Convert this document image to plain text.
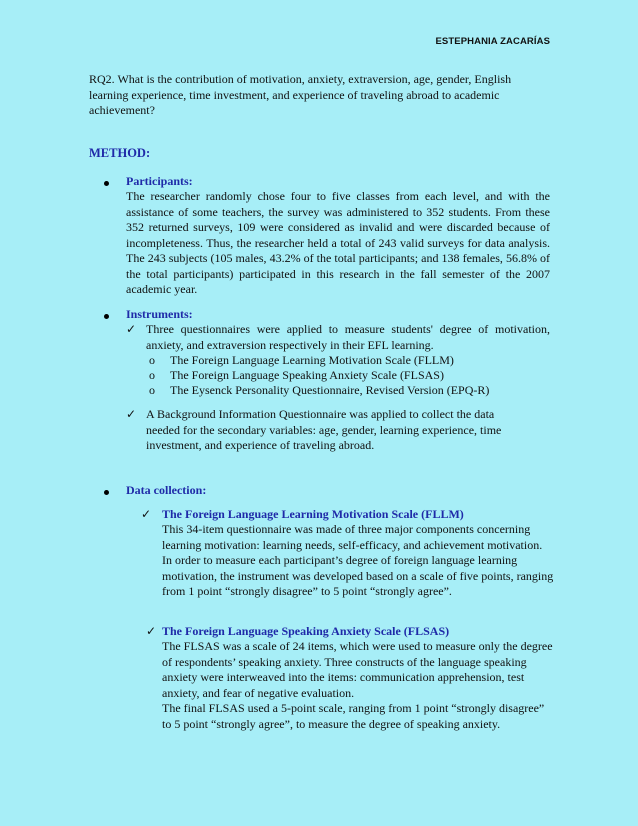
ESTEPHANIA ZACARÍAS
RQ2. What is the contribution of motivation, anxiety, extraversion, age, gender, English learning experience, time investment, and experience of traveling abroad to academic achievement?
METHOD:
Participants:
The researcher randomly chose four to five classes from each level, and with the assistance of some teachers, the survey was administered to 352 students. From these 352 returned surveys, 109 were considered as invalid and were discarded because of incompleteness. Thus, the researcher held a total of 243 valid surveys for data analysis. The 243 subjects (105 males, 43.2% of the total participants; and 138 females, 56.8% of the total participants) participated in this research in the fall semester of the 2007 academic year.
Instruments:
✓ Three questionnaires were applied to measure students' degree of motivation, anxiety, and extraversion respectively in their EFL learning.
o The Foreign Language Learning Motivation Scale (FLLM)
o The Foreign Language Speaking Anxiety Scale (FLSAS)
o The Eysenck Personality Questionnaire, Revised Version (EPQ-R)
✓ A Background Information Questionnaire was applied to collect the data needed for the secondary variables: age, gender, learning experience, time investment, and experience of traveling abroad.
Data collection:
✓ The Foreign Language Learning Motivation Scale (FLLM)
This 34-item questionnaire was made of three major components concerning learning motivation: learning needs, self-efficacy, and achievement motivation. In order to measure each participant’s degree of foreign language learning motivation, the instrument was developed based on a scale of five points, ranging from 1 point “strongly disagree” to 5 point “strongly agree”.
✓ The Foreign Language Speaking Anxiety Scale (FLSAS)
The FLSAS was a scale of 24 items, which were used to measure only the degree of respondents’ speaking anxiety. Three constructs of the language speaking anxiety were interweaved into the items: communication apprehension, test anxiety, and fear of negative evaluation.
The final FLSAS used a 5-point scale, ranging from 1 point “strongly disagree” to 5 point “strongly agree”, to measure the degree of speaking anxiety.
